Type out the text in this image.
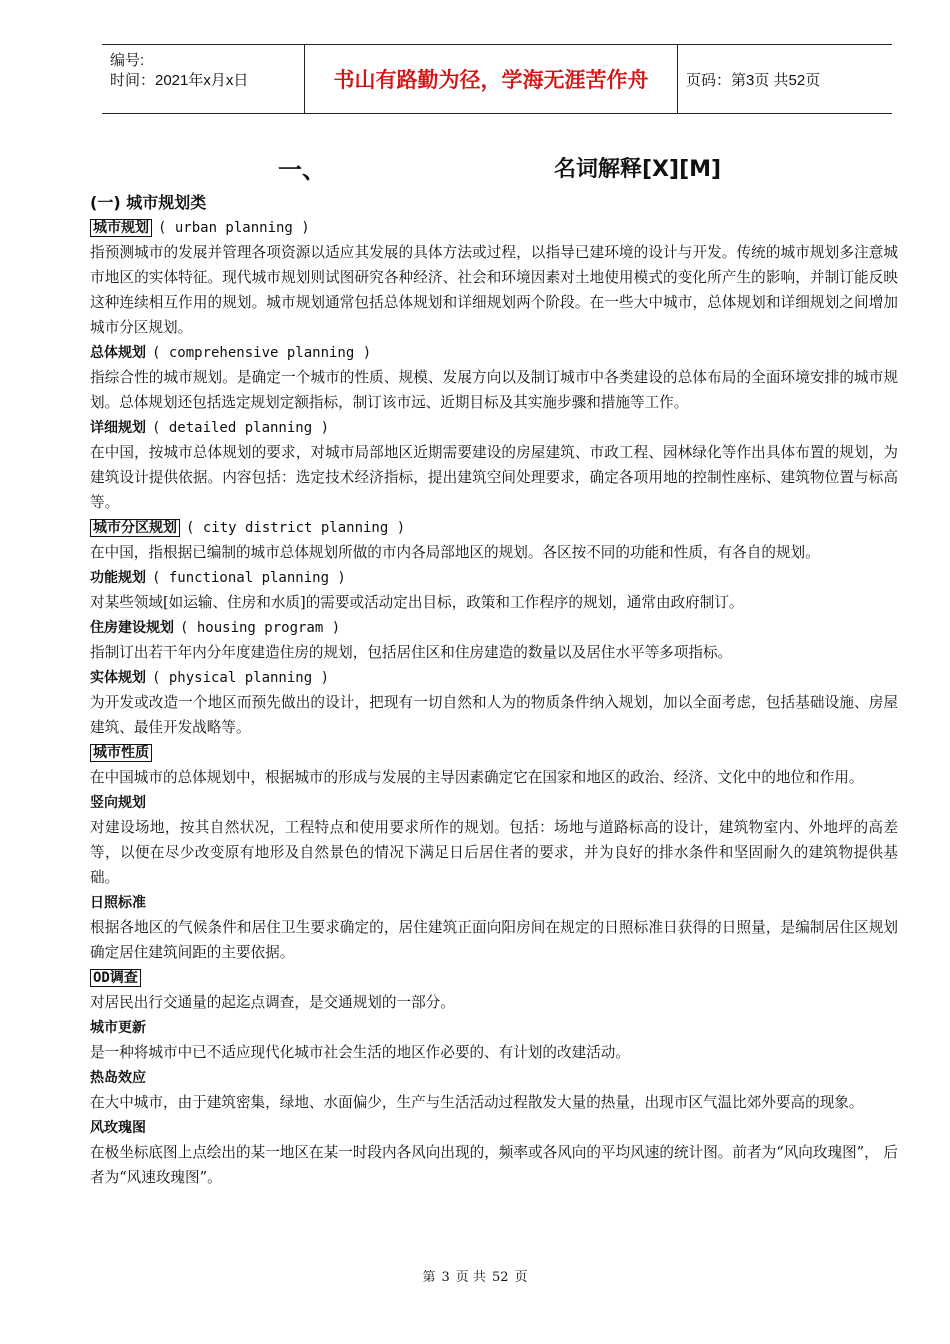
编号:
时间：2021年x月x日	书山有路勤为径，学海无涯苦作舟	页码：第3页 共52页
一、	名词解释[X][M]
(一) 城市规划类
城市规划 ( urban planning )
指预测城市的发展并管理各项资源以适应其发展的具体方法或过程，以指导已建环境的设计与开发。传统的城市规划多注意城市地区的实体特征。现代城市规划则试图研究各种经济、社会和环境因素对土地使用模式的变化所产生的影响，并制订能反映这种连续相互作用的规划。城市规划通常包括总体规划和详细规划两个阶段。在一些大中城市，总体规划和详细规划之间增加城市分区规划。
总体规划 ( comprehensive planning )
指综合性的城市规划。是确定一个城市的性质、规模、发展方向以及制订城市中各类建设的总体布局的全面环境安排的城市规划。总体规划还包括选定规划定额指标，制订该市远、近期目标及其实施步骤和措施等工作。
详细规划 ( detailed planning )
在中国，按城市总体规划的要求，对城市局部地区近期需要建设的房屋建筑、市政工程、园林绿化等作出具体布置的规划，为建筑设计提供依据。内容包括：选定技术经济指标，提出建筑空间处理要求，确定各项用地的控制性座标、建筑物位置与标高等。
城市分区规划 ( city district planning )
在中国，指根据已编制的城市总体规划所做的市内各局部地区的规划。各区按不同的功能和性质，有各自的规划。
功能规划 ( functional planning )
对某些领域[如运输、住房和水质]的需要或活动定出目标，政策和工作程序的规划，通常由政府制订。
住房建设规划 ( housing program )
指制订出若干年内分年度建造住房的规划，包括居住区和住房建造的数量以及居住水平等多项指标。
实体规划 ( physical planning )
为开发或改造一个地区而预先做出的设计，把现有一切自然和人为的物质条件纳入规划，加以全面考虑，包括基础设施、房屋建筑、最佳开发战略等。
城市性质
在中国城市的总体规划中，根据城市的形成与发展的主导因素确定它在国家和地区的政治、经济、文化中的地位和作用。
竖向规划
对建设场地，按其自然状况，工程特点和使用要求所作的规划。包括：场地与道路标高的设计，建筑物室内、外地坪的高差等，以便在尽少改变原有地形及自然景色的情况下满足日后居住者的要求，并为良好的排水条件和坚固耐久的建筑物提供基础。
日照标准
根据各地区的气候条件和居住卫生要求确定的，居住建筑正面向阳房间在规定的日照标准日获得的日照量，是编制居住区规划确定居住建筑间距的主要依据。
OD调查
对居民出行交通量的起迄点调查，是交通规划的一部分。
城市更新
是一种将城市中已不适应现代化城市社会生活的地区作必要的、有计划的改建活动。
热岛效应
在大中城市，由于建筑密集，绿地、水面偏少，生产与生活活动过程散发大量的热量，出现市区气温比郊外要高的现象。
风玫瑰图
在极坐标底图上点绘出的某一地区在某一时段内各风向出现的，频率或各风向的平均风速的统计图。前者为“风向玫瑰图”， 后者为“风速玫瑰图”。
第 3 页 共 52 页
